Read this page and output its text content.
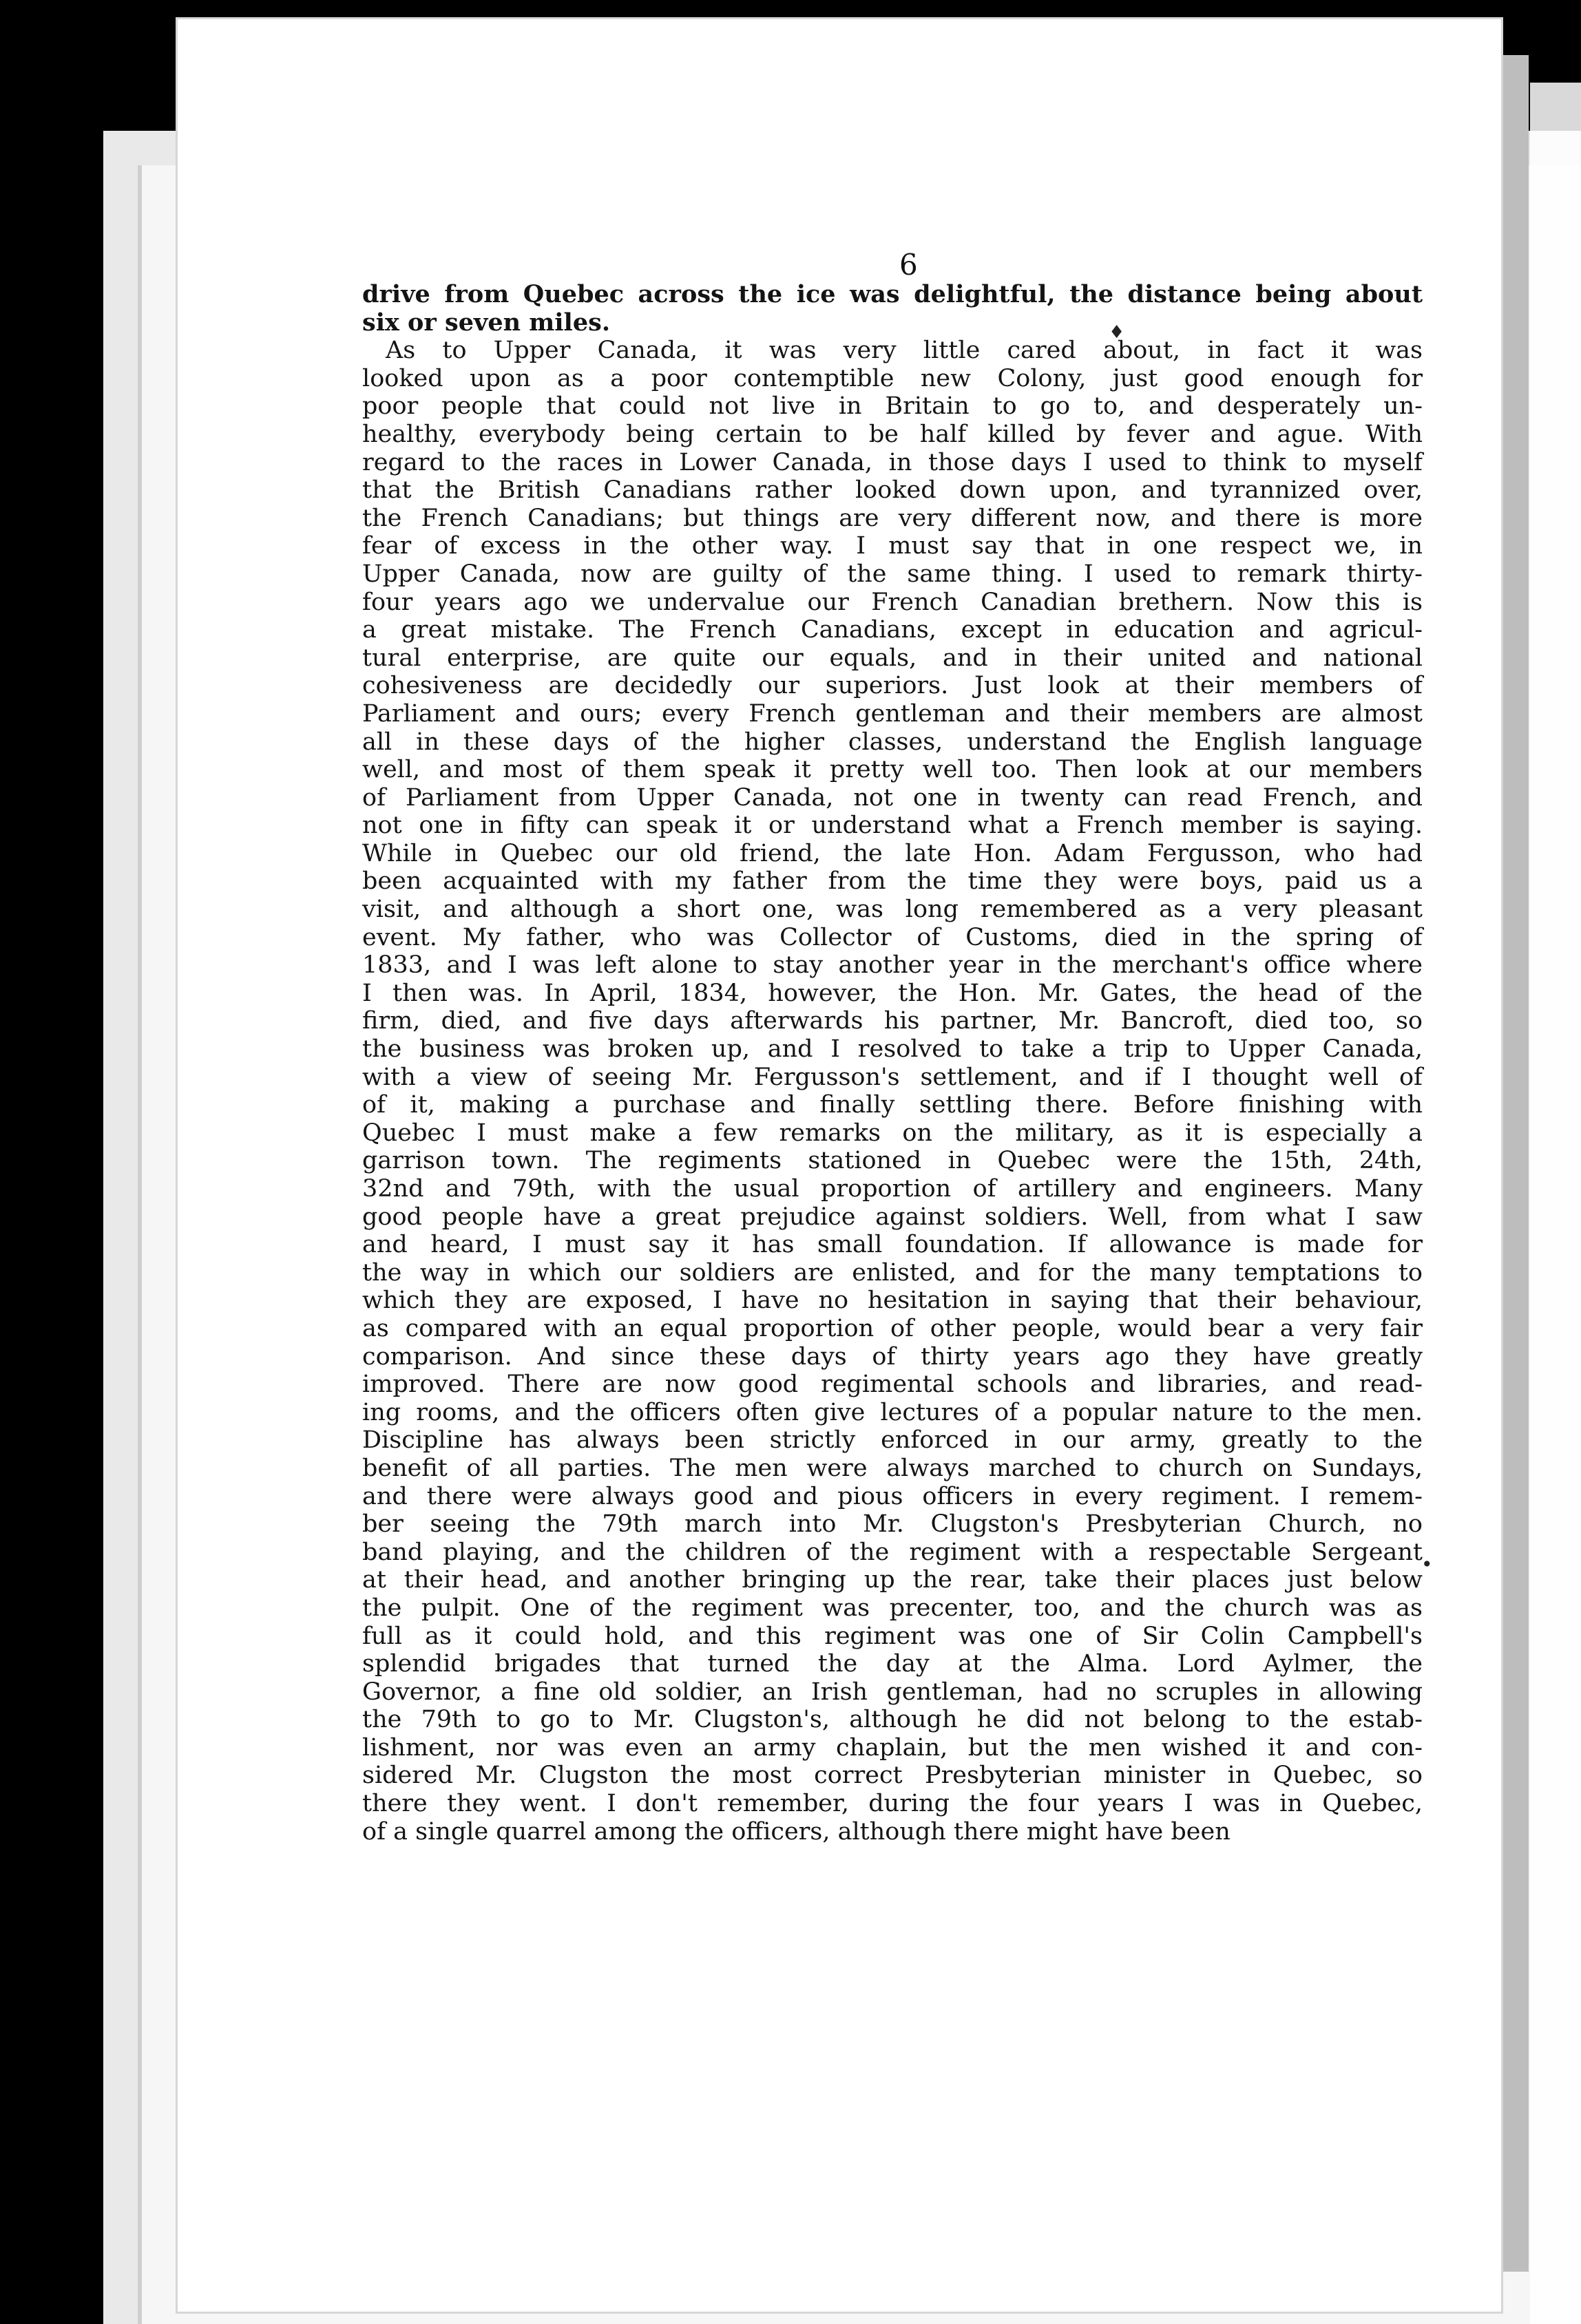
6
drive from Quebec across the ice was delightful, the distance being about
six or seven miles.
As to Upper Canada, it was very little cared about, in fact it was
looked upon as a poor contemptible new Colony, just good enough for
poor people that could not live in Britain to go to, and desperately un-
healthy, everybody being certain to be half killed by fever and ague. With
regard to the races in Lower Canada, in those days I used to think to myself
that the British Canadians rather looked down upon, and tyrannized over,
the French Canadians; but things are very different now, and there is more
fear of excess in the other way. I must say that in one respect we, in
Upper Canada, now are guilty of the same thing. I used to remark thirty-
four years ago we undervalue our French Canadian brethern. Now this is
a great mistake. The French Canadians, except in education and agricul-
tural enterprise, are quite our equals, and in their united and national
cohesiveness are decidedly our superiors. Just look at their members of
Parliament and ours; every French gentleman and their members are almost
all in these days of the higher classes, understand the English language
well, and most of them speak it pretty well too. Then look at our members
of Parliament from Upper Canada, not one in twenty can read French, and
not one in fifty can speak it or understand what a French member is saying.
While in Quebec our old friend, the late Hon. Adam Fergusson, who had
been acquainted with my father from the time they were boys, paid us a
visit, and although a short one, was long remembered as a very pleasant
event. My father, who was Collector of Customs, died in the spring of
1833, and I was left alone to stay another year in the merchant's office where
I then was. In April, 1834, however, the Hon. Mr. Gates, the head of the
firm, died, and five days afterwards his partner, Mr. Bancroft, died too, so
the business was broken up, and I resolved to take a trip to Upper Canada,
with a view of seeing Mr. Fergusson's settlement, and if I thought well of
of it, making a purchase and finally settling there. Before finishing with
Quebec I must make a few remarks on the military, as it is especially a
garrison town. The regiments stationed in Quebec were the 15th, 24th,
32nd and 79th, with the usual proportion of artillery and engineers. Many
good people have a great prejudice against soldiers. Well, from what I saw
and heard, I must say it has small foundation. If allowance is made for
the way in which our soldiers are enlisted, and for the many temptations to
which they are exposed, I have no hesitation in saying that their behaviour,
as compared with an equal proportion of other people, would bear a very fair
comparison. And since these days of thirty years ago they have greatly
improved. There are now good regimental schools and libraries, and read-
ing rooms, and the officers often give lectures of a popular nature to the men.
Discipline has always been strictly enforced in our army, greatly to the
benefit of all parties. The men were always marched to church on Sundays,
and there were always good and pious officers in every regiment. I remem-
ber seeing the 79th march into Mr. Clugston's Presbyterian Church, no
band playing, and the children of the regiment with a respectable Sergeant
at their head, and another bringing up the rear, take their places just below
the pulpit. One of the regiment was precenter, too, and the church was as
full as it could hold, and this regiment was one of Sir Colin Campbell's
splendid brigades that turned the day at the Alma. Lord Aylmer, the
Governor, a fine old soldier, an Irish gentleman, had no scruples in allowing
the 79th to go to Mr. Clugston's, although he did not belong to the estab-
lishment, nor was even an army chaplain, but the men wished it and con-
sidered Mr. Clugston the most correct Presbyterian minister in Quebec, so
there they went. I don't remember, during the four years I was in Quebec,
of a single quarrel among the officers, although there might have been
♦
•
